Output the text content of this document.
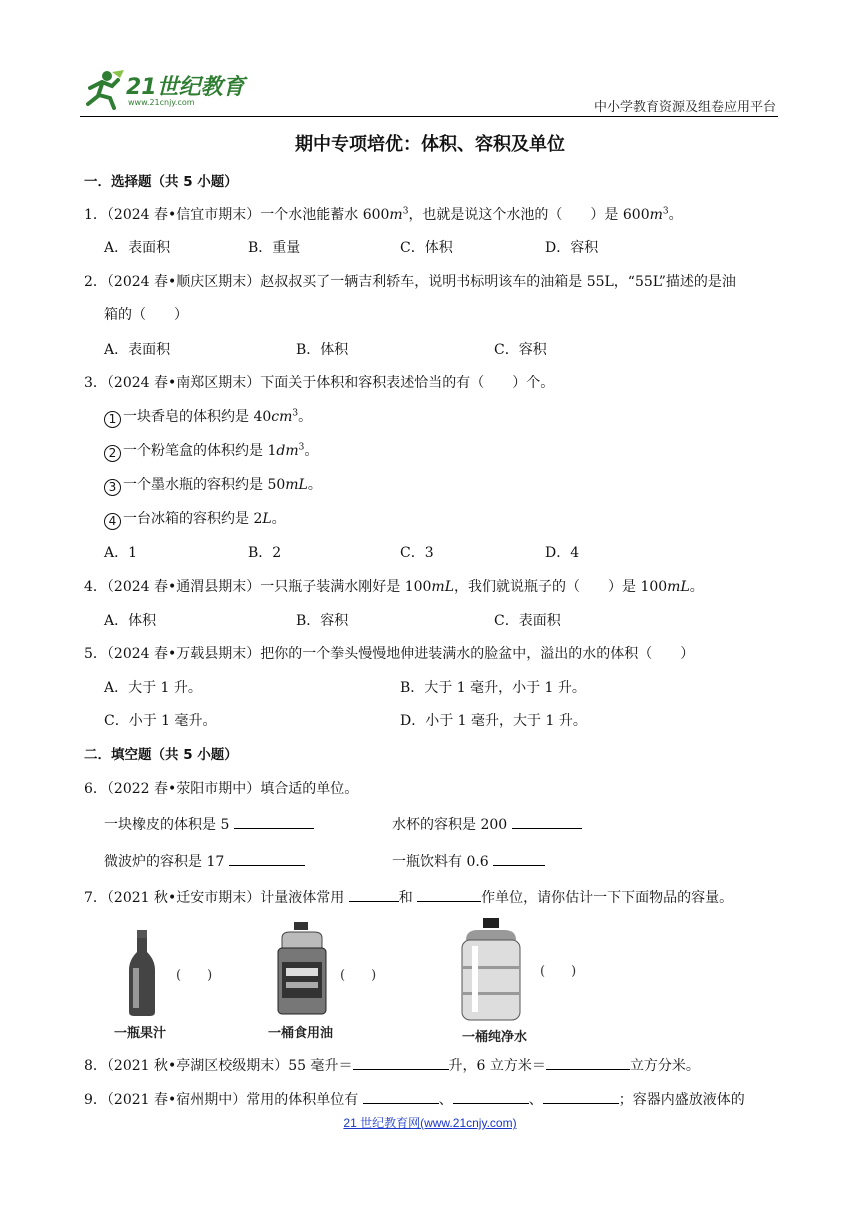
21世纪教育
www.21cnjy.com	中小学教育资源及组卷应用平台
期中专项培优：体积、容积及单位
一．选择题（共 5 小题）
1．（2024 春•信宜市期末）一个水池能蓄水 $600m^3$，也就是说这个水池的（　　）是 $600m^3$。
A．表面积	B．重量	C．体积	D．容积
2．（2024 春•顺庆区期末）赵叔叔买了一辆吉利轿车，说明书标明该车的油箱是 55L，“55L”描述的是油
箱的（　　）
A．表面积	B．体积	C．容积
3．（2024 春•南郑区期末）下面关于体积和容积表述恰当的有（　　）个。
1 一块香皂的体积约是 $40cm^3$。
2 一个粉笔盒的体积约是 $1dm^3$。
3 一个墨水瓶的容积约是 50mL。
4 一台冰箱的容积约是 2L。
A．1	B．2	C．3	D．4
4．（2024 春•通渭县期末）一只瓶子装满水刚好是 100mL，我们就说瓶子的（　　）是 100mL。
A．体积	B．容积	C．表面积
5．（2024 春•万载县期末）把你的一个拳头慢慢地伸进装满水的脸盆中，溢出的水的体积（　　）
A．大于 1 升。	B．大于 1 毫升，小于 1 升。
C．小于 1 毫升。	D．小于 1 毫升，大于 1 升。
二．填空题（共 5 小题）
6．（2022 春•荥阳市期中）填合适的单位。
一块橡皮的体积是 5	水杯的容积是 200
微波炉的容积是 17	一瓶饮料有 0.6
7．（2021 秋•迁安市期末）计量液体常用	和	作单位，请你估计一下下面物品的容量。
(　　)
一瓶果汁
(　　)
一桶食用油
(　　)
一桶纯净水
8．（2021 秋•亭湖区校级期末）55 毫升＝	升，6 立方米＝	立方分米。
9．（2021 春•宿州期中）常用的体积单位有	、	、	；容器内盛放液体的
21 世纪教育网(www.21cnjy.com)
